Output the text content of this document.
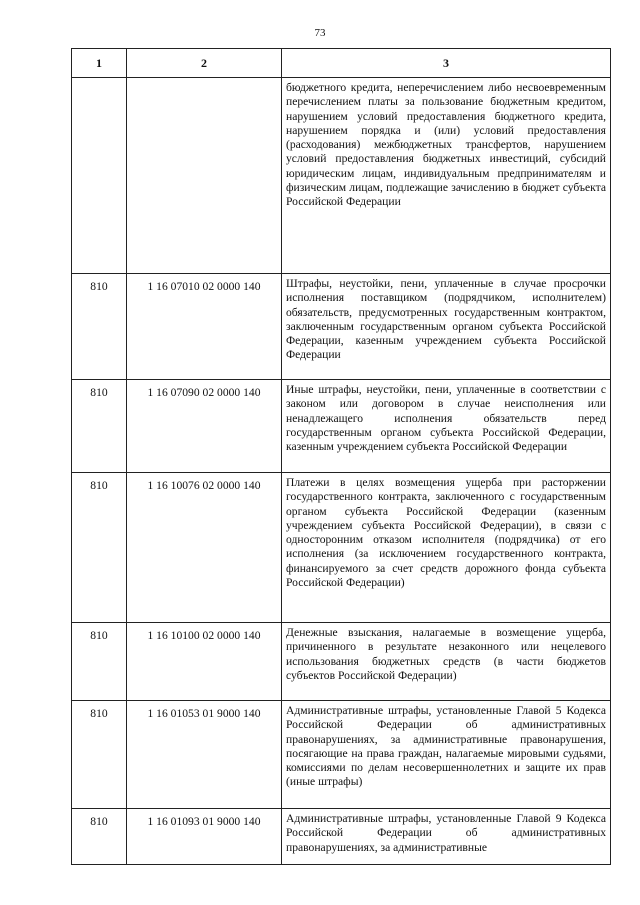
73
1	2	3
		бюджетного кредита, неперечислением либо несвоевременным перечислением платы за пользование бюджетным кредитом, нарушением условий предоставления бюджетного кредита, нарушением порядка и (или) условий предоставления (расходования) межбюджетных трансфертов, нарушением условий предоставления бюджетных инвестиций, субсидий юридическим лицам, индивидуальным предпринимателям и физическим лицам, подлежащие зачислению в бюджет субъекта Российской Федерации
810	1 16 07010 02 0000 140	Штрафы, неустойки, пени, уплаченные в случае просрочки исполнения поставщиком (подрядчиком, исполнителем) обязательств, предусмотренных государственным контрактом, заключенным государственным органом субъекта Российской Федерации, казенным учреждением субъекта Российской Федерации
810	1 16 07090 02 0000 140	Иные штрафы, неустойки, пени, уплаченные в соответствии с законом или договором в случае неисполнения или ненадлежащего исполнения обязательств перед государственным органом субъекта Российской Федерации, казенным учреждением субъекта Российской Федерации
810	1 16 10076 02 0000 140	Платежи в целях возмещения ущерба при расторжении государственного контракта, заключенного с государственным органом субъекта Российской Федерации (казенным учреждением субъекта Российской Федерации), в связи с односторонним отказом исполнителя (подрядчика) от его исполнения (за исключением государственного контракта, финансируемого за счет средств дорожного фонда субъекта Российской Федерации)
810	1 16 10100 02 0000 140	Денежные взыскания, налагаемые в возмещение ущерба, причиненного в результате незаконного или нецелевого использования бюджетных средств (в части бюджетов субъектов Российской Федерации)
810	1 16 01053 01 9000 140	Административные штрафы, установленные Главой 5 Кодекса Российской Федерации об административных правонарушениях, за административные правонарушения, посягающие на права граждан, налагаемые мировыми судьями, комиссиями по делам несовершеннолетних и защите их прав (иные штрафы)
810	1 16 01093 01 9000 140	Административные штрафы, установленные Главой 9 Кодекса Российской Федерации об административных правонарушениях, за административные
